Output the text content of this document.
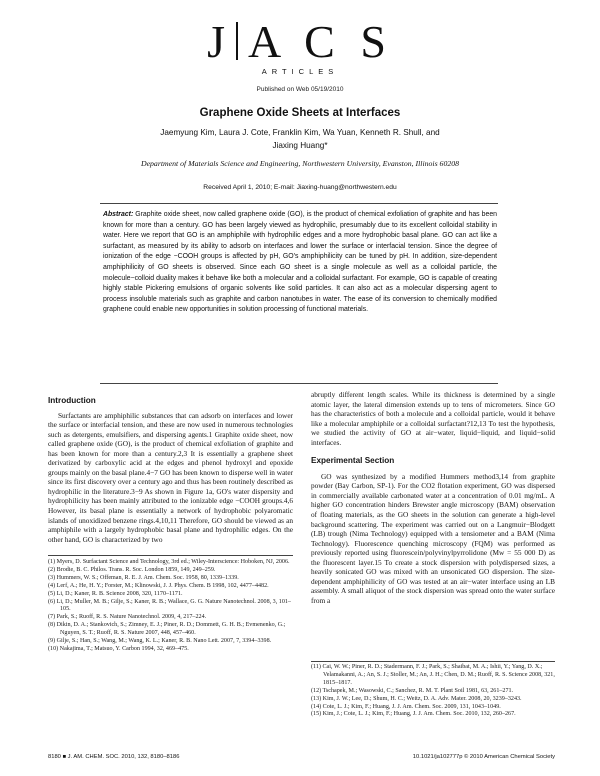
J A C S
ARTICLES
Published on Web 05/19/2010
Graphene Oxide Sheets at Interfaces
Jaemyung Kim, Laura J. Cote, Franklin Kim, Wa Yuan, Kenneth R. Shull, and Jiaxing Huang*
Department of Materials Science and Engineering, Northwestern University, Evanston, Illinois 60208
Received April 1, 2010; E-mail: Jiaxing-huang@northwestern.edu
Abstract: Graphite oxide sheet, now called graphene oxide (GO), is the product of chemical exfoliation of graphite and has been known for more than a century. GO has been largely viewed as hydrophilic, presumably due to its excellent colloidal stability in water. Here we report that GO is an amphiphile with hydrophilic edges and a more hydrophobic basal plane. GO can act like a surfactant, as measured by its ability to adsorb on interfaces and lower the surface or interfacial tension. Since the degree of ionization of the edge −COOH groups is affected by pH, GO's amphiphilicity can be tuned by pH. In addition, size-dependent amphiphilicity of GO sheets is observed. Since each GO sheet is a single molecule as well as a colloidal particle, the molecule−colloid duality makes it behave like both a molecular and a colloidal surfactant. For example, GO is capable of creating highly stable Pickering emulsions of organic solvents like solid particles. It can also act as a molecular dispersing agent to process insoluble materials such as graphite and carbon nanotubes in water. The ease of its conversion to chemically modified graphene could enable new opportunities in solution processing of functional materials.
Introduction

Surfactants are amphiphilic substances that can adsorb on interfaces and lower the surface or interfacial tension, and these are now used in numerous technologies such as detergents, emulsifiers, and dispersing agents.1 Graphite oxide sheet, now called graphene oxide (GO), is the product of chemical exfoliation of graphite and has been known for more than a century.2,3 It is essentially a graphene sheet derivatized by carboxylic acid at the edges and phenol hydroxyl and epoxide groups mainly on the basal plane.4−7 GO has been known to disperse well in water since its first discovery over a century ago and thus has been routinely described as hydrophilic in the literature.3−9 As shown in Figure 1a, GO's water dispersity and hydrophilicity has been mainly attributed to the ionizable edge −COOH groups.4,6 However, its basal plane is essentially a network of hydrophobic polyaromatic islands of unoxidized benzene rings.4,10,11 Therefore, GO should be viewed as an amphiphile with a largely hydrophobic basal plane and hydrophilic edges. On the other hand, GO is characterized by two

(1) Myers, D. Surfactant Science and Technology, 3rd ed.; Wiley-Interscience: Hoboken, NJ, 2006.
(2) Brodie, B. C. Philos. Trans. R. Soc. London 1859, 149, 249–259.
(3) Hummers, W. S.; Offeman, R. E. J. Am. Chem. Soc. 1958, 80, 1339–1339.
(4) Lerf, A.; He, H. Y.; Forster, M.; Klinowski, J. J. Phys. Chem. B 1998, 102, 4477–4482.
(5) Li, D.; Kaner, R. B. Science 2008, 320, 1170–1171.
(6) Li, D.; Muller, M. B.; Gilje, S.; Kaner, R. B.; Wallace, G. G. Nature Nanotechnol. 2008, 3, 101–105.
(7) Park, S.; Ruoff, R. S. Nature Nanotechnol. 2009, 4, 217–224.
(8) Dikin, D. A.; Stankovich, S.; Zimney, E. J.; Piner, R. D.; Dommett, G. H. B.; Evmenenko, G.; Nguyen, S. T.; Ruoff, R. S. Nature 2007, 448, 457–460.
(9) Gilje, S.; Han, S.; Wang, M.; Wang, K. L.; Kaner, R. B. Nano Lett. 2007, 7, 3394–3398.
(10) Nakajima, T.; Matsuo, Y. Carbon 1994, 32, 469–475.

abruptly different length scales. While its thickness is determined by a single atomic layer, the lateral dimension extends up to tens of micrometers. Since GO has the characteristics of both a molecule and a colloidal particle, would it behave like a molecular amphiphile or a colloidal surfactant?12,13 To test the hypothesis, we studied the activity of GO at air−water, liquid−liquid, and liquid−solid interfaces.

Experimental Section

GO was synthesized by a modified Hummers method3,14 from graphite powder (Bay Carbon, SP-1). For the CO2 flotation experiment, GO was dispersed in commercially available carbonated water at a concentration of 0.01 mg/mL. A higher GO concentration hinders Brewster angle microscopy (BAM) observation of floating materials, as the GO sheets in the solution can generate a high-level background scattering. The experiment was carried out on a Langmuir−Blodgett (LB) trough (Nima Technology) equipped with a tensiometer and a BAM (Nima Technology). Fluorescence quenching microscopy (FQM) was performed as previously reported using fluorescein/polyvinylpyrrolidone (Mw = 55 000 D) as the fluorescent layer.15 To create a stock dispersion with polydispersed sizes, a heavily sonicated GO was mixed with an unsonicated GO dispersion. The size-dependent amphiphilicity of GO was tested at an air−water interface using an LB assembly. A small aliquot of the stock dispersion was spread onto the water surface from a

(11) Cai, W. W.; Piner, R. D.; Stadermann, F. J.; Park, S.; Shaibat, M. A.; Ishii, Y.; Yang, D. X.; Velamakanni, A.; An, S. J.; Stoller, M.; An, J. H.; Chen, D. M.; Ruoff, R. S. Science 2008, 321, 1815–1817.
(12) Tschapek, M.; Wasowski, C.; Sanchez, R. M. T. Plant Soil 1981, 63, 261–271.
(13) Kim, J. W.; Lee, D.; Shum, H. C.; Weitz, D. A. Adv. Mater. 2008, 20, 3239–3243.
(14) Cote, L. J.; Kim, F.; Huang, J. J. Am. Chem. Soc. 2009, 131, 1043–1049.
(15) Kim, J.; Cote, L. J.; Kim, F.; Huang, J. J. Am. Chem. Soc. 2010, 132, 260–267.
8180 ■ J. AM. CHEM. SOC. 2010, 132, 8180–8186	10.1021/ja102777p © 2010 American Chemical Society
